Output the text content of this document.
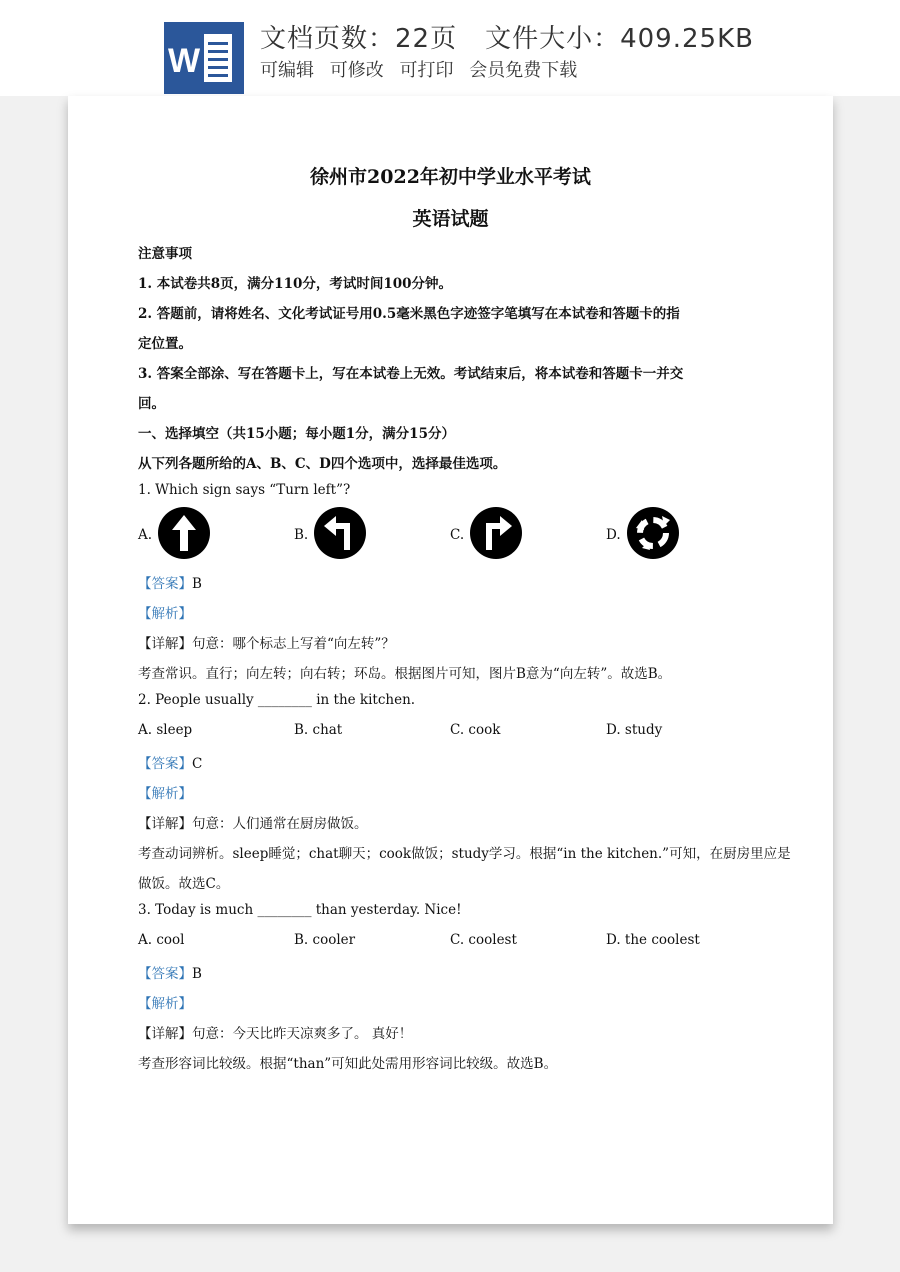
W
文档页数：22页 文件大小：409.25KB
可编辑 可修改 可打印 会员免费下载
徐州市2022年初中学业水平考试
英语试题
注意事项
1. 本试卷共8页，满分110分，考试时间100分钟。
2. 答题前，请将姓名、文化考试证号用0.5毫米黑色字迹签字笔填写在本试卷和答题卡的指
定位置。
3. 答案全部涂、写在答题卡上，写在本试卷上无效。考试结束后，将本试卷和答题卡一并交
回。
一、选择填空（共15小题；每小题1分，满分15分）
从下列各题所给的A、B、C、D四个选项中，选择最佳选项。
1. Which sign says “Turn left”?
A.	B.	C.	D.
【答案】B
【解析】
【详解】句意：哪个标志上写着“向左转”？
考查常识。直行；向左转；向右转；环岛。根据图片可知，图片B意为“向左转”。故选B。
2. People usually ________ in the kitchen.
A. sleep	B. chat	C. cook	D. study
【答案】C
【解析】
【详解】句意：人们通常在厨房做饭。
考查动词辨析。sleep睡觉；chat聊天；cook做饭；study学习。根据“in the kitchen.”可知，在厨房里应是
做饭。故选C。
3. Today is much ________ than yesterday. Nice!
A. cool	B. cooler	C. coolest	D. the coolest
【答案】B
【解析】
【详解】句意：今天比昨天凉爽多了。 真好！
考查形容词比较级。根据“than”可知此处需用形容词比较级。故选B。
